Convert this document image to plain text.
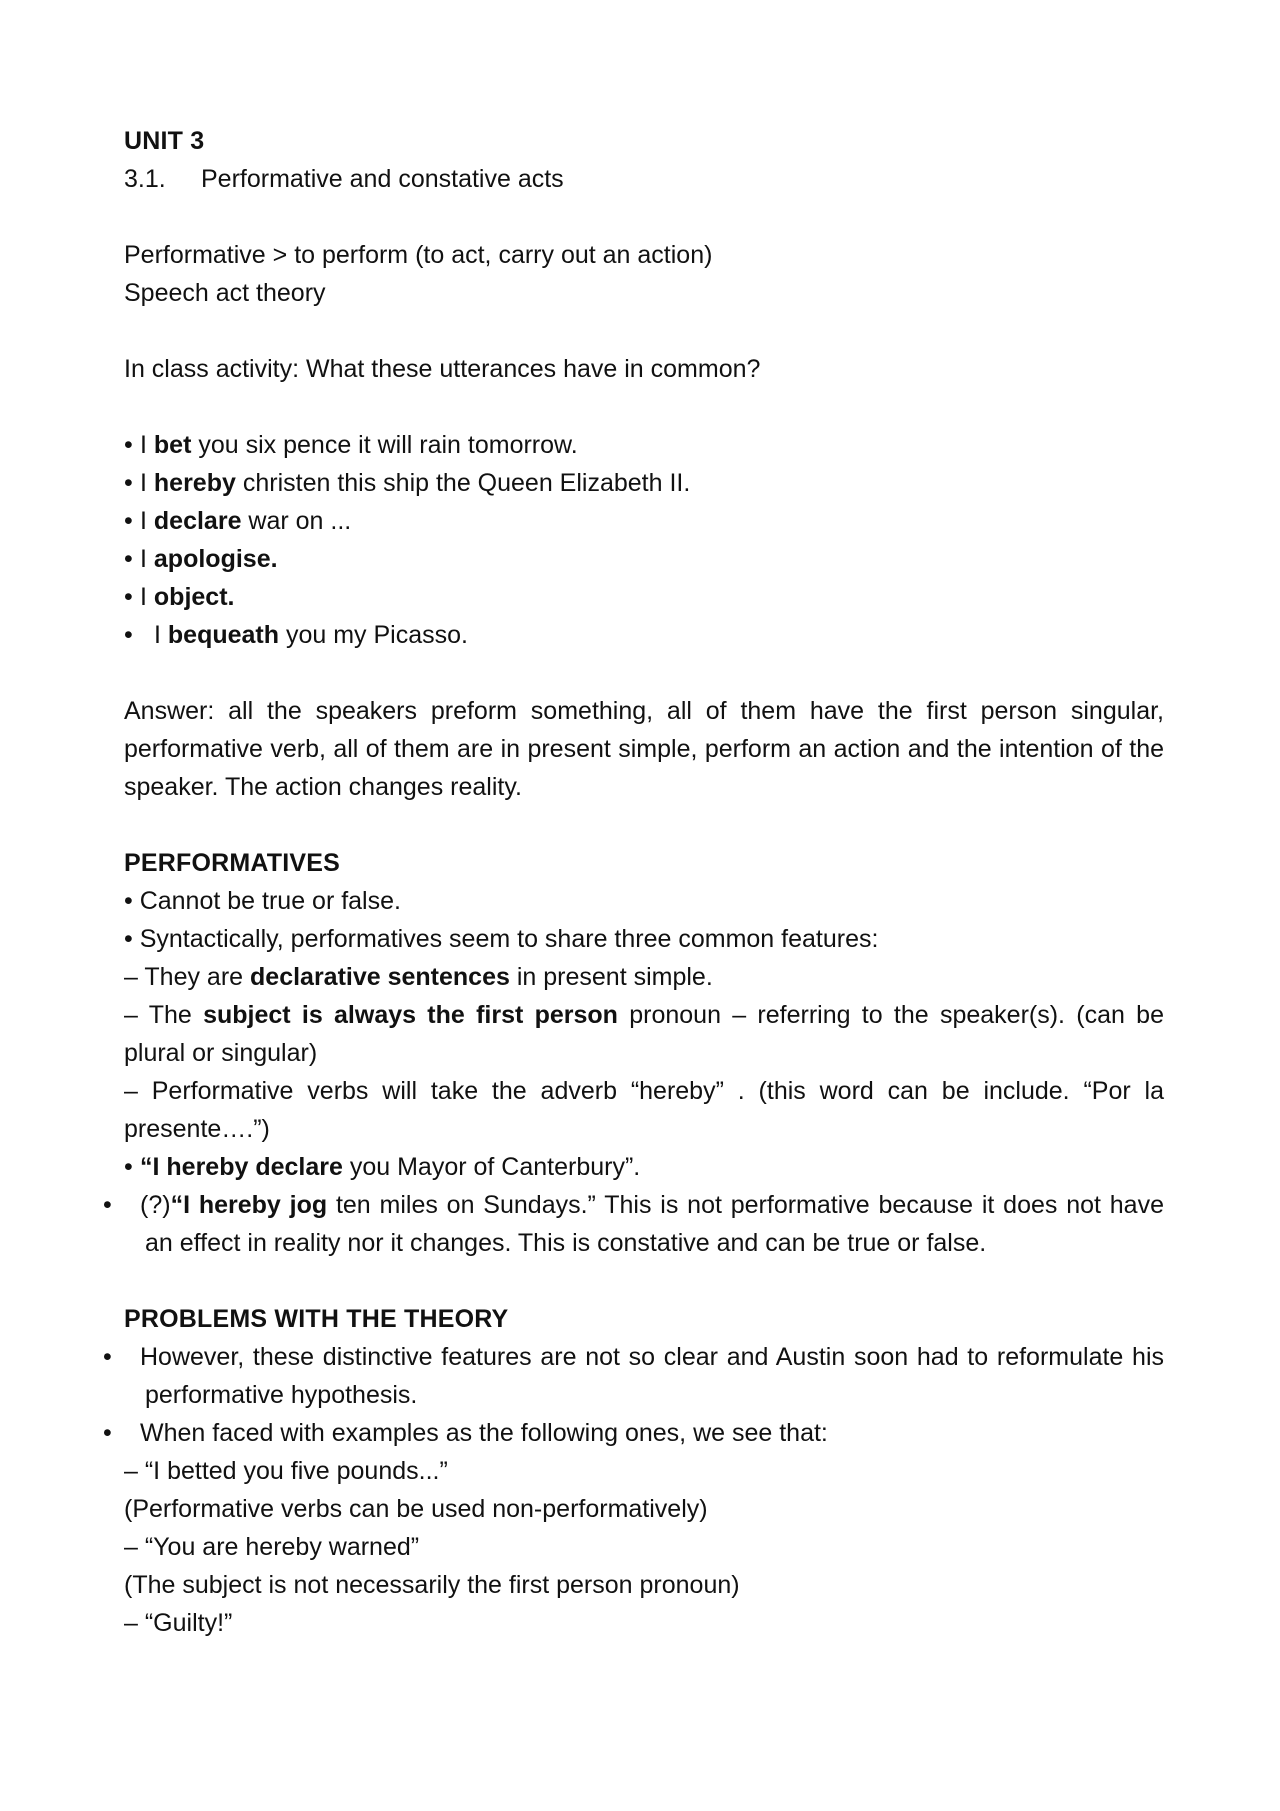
UNIT 3
3.1. Performative and constative acts
Performative > to perform (to act, carry out an action)
Speech act theory
In class activity: What these utterances have in common?
• I bet you six pence it will rain tomorrow.
• I hereby christen this ship the Queen Elizabeth II.
• I declare war on ...
• I apologise.
• I object.
• I bequeath you my Picasso.
Answer: all the speakers preform something, all of them have the first person singular, performative verb, all of them are in present simple, perform an action and the intention of the speaker. The action changes reality.
PERFORMATIVES
• Cannot be true or false.
• Syntactically, performatives seem to share three common features:
– They are declarative sentences in present simple.
– The subject is always the first person pronoun – referring to the speaker(s). (can be plural or singular)
– Performative verbs will take the adverb “hereby” . (this word can be include. “Por la presente….”)
• “I hereby declare you Mayor of Canterbury”.
• (?)“I hereby jog ten miles on Sundays.” This is not performative because it does not have an effect in reality nor it changes. This is constative and can be true or false.
PROBLEMS WITH THE THEORY
• However, these distinctive features are not so clear and Austin soon had to reformulate his performative hypothesis.
• When faced with examples as the following ones, we see that:
– “I betted you five pounds...”
(Performative verbs can be used non-performatively)
– “You are hereby warned”
(The subject is not necessarily the first person pronoun)
– “Guilty!”
